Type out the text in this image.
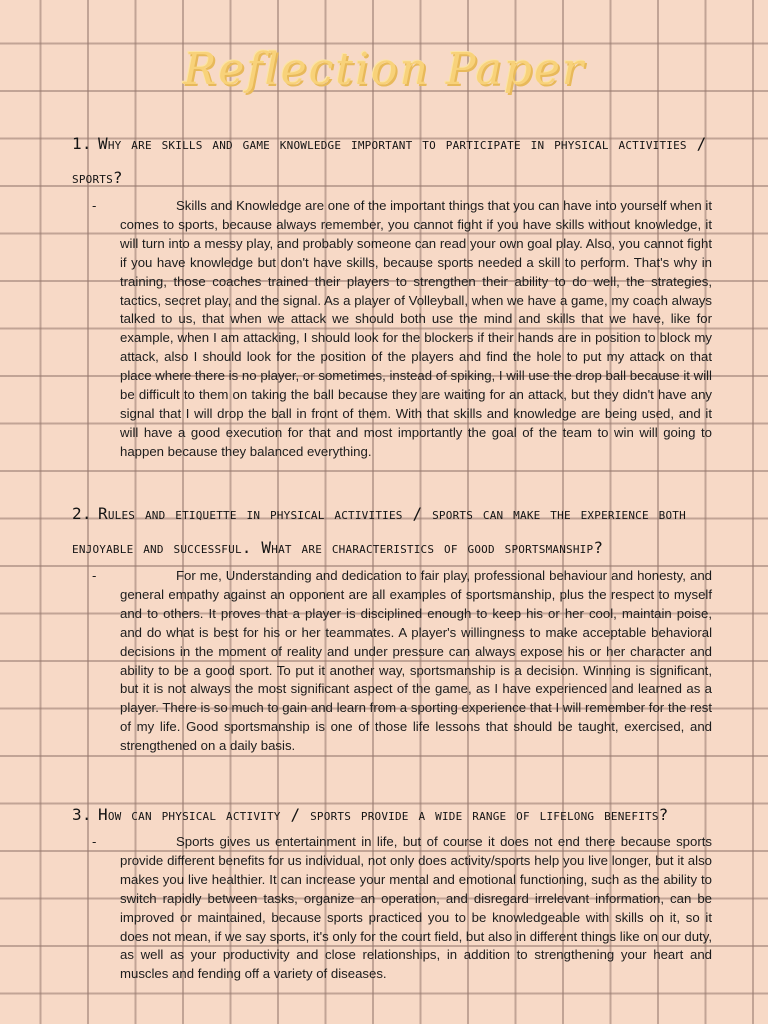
Reflection Paper
1. Why are skills and game knowledge important to participate in physical activities / sports?
-	Skills and Knowledge are one of the important things that you can have into yourself when it comes to sports, because always remember, you cannot fight if you have skills without knowledge, it will turn into a messy play, and probably someone can read your own goal play. Also, you cannot fight if you have knowledge but don't have skills, because sports needed a skill to perform. That's why in training, those coaches trained their players to strengthen their ability to do well, the strategies, tactics, secret play, and the signal. As a player of Volleyball, when we have a game, my coach always talked to us, that when we attack we should both use the mind and skills that we have, like for example, when I am attacking, I should look for the blockers if their hands are in position to block my attack, also I should look for the position of the players and find the hole to put my attack on that place where there is no player, or sometimes, instead of spiking, I will use the drop ball because it will be difficult to them on taking the ball because they are waiting for an attack, but they didn't have any signal that I will drop the ball in front of them. With that skills and knowledge are being used, and it will have a good execution for that and most importantly the goal of the team to win will going to happen because they balanced everything.

2. Rules and etiquette in physical activities / sports can make the experience both enjoyable and successful. What are characteristics of good sportsmanship?
-	For me, Understanding and dedication to fair play, professional behaviour and honesty, and general empathy against an opponent are all examples of sportsmanship, plus the respect to myself and to others. It proves that a player is disciplined enough to keep his or her cool, maintain poise, and do what is best for his or her teammates. A player's willingness to make acceptable behavioral decisions in the moment of reality and under pressure can always expose his or her character and ability to be a good sport. To put it another way, sportsmanship is a decision. Winning is significant, but it is not always the most significant aspect of the game, as I have experienced and learned as a player. There is so much to gain and learn from a sporting experience that I will remember for the rest of my life. Good sportsmanship is one of those life lessons that should be taught, exercised, and strengthened on a daily basis.

3. How can physical activity / sports provide a wide range of lifelong benefits?
-	Sports gives us entertainment in life, but of course it does not end there because sports provide different benefits for us individual, not only does activity/sports help you live longer, but it also makes you live healthier. It can increase your mental and emotional functioning, such as the ability to switch rapidly between tasks, organize an operation, and disregard irrelevant information, can be improved or maintained, because sports practiced you to be knowledgeable with skills on it, so it does not mean, if we say sports, it's only for the court field, but also in different things like on our duty, as well as your productivity and close relationships, in addition to strengthening your heart and muscles and fending off a variety of diseases.
